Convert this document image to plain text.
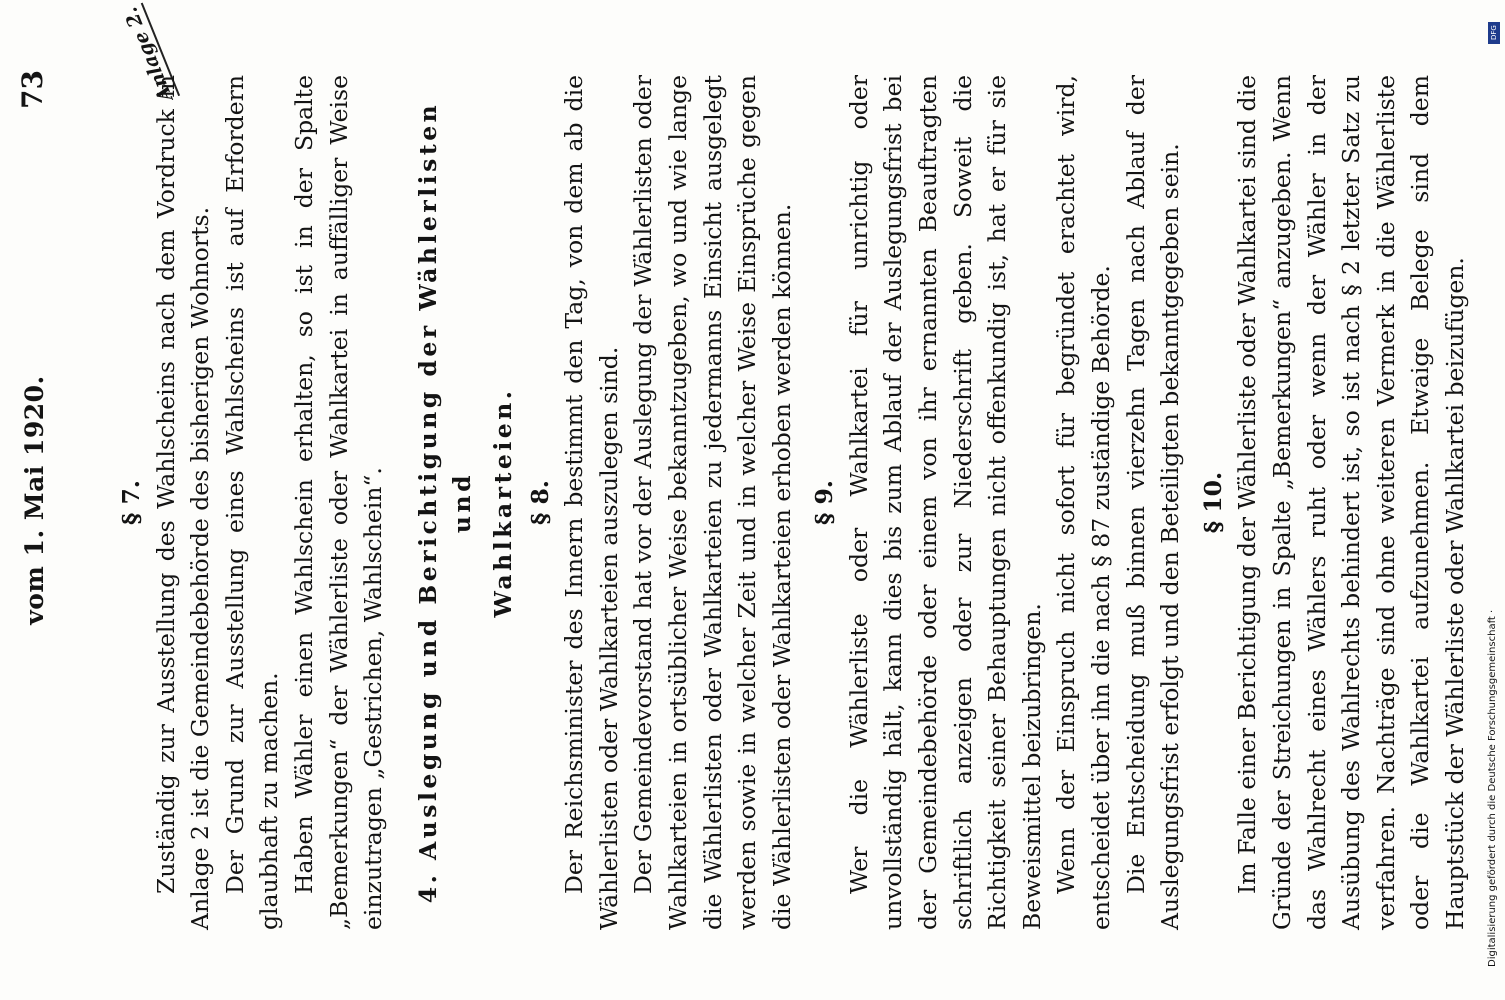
vom 1. Mai 1920.
73	Anlage 2.
§ 7. Zuständig zur Ausstellung des Wahlscheins nach dem Vordruck in Anlage 2 ist die Gemeindebehörde des bisherigen Wohnorts. Der Grund zur Ausstellung eines Wahlscheins ist auf Erfordern glaubhaft zu machen. Haben Wähler einen Wahlschein erhalten, so ist in der Spalte „Bemerkungen“ der Wählerliste oder Wahlkartei in auffälliger Weise einzutragen „Gestrichen, Wahlschein“. 4. Auslegung und Berichtigung der Wählerlisten und Wahlkarteien. § 8. Der Reichsminister des Innern bestimmt den Tag, von dem ab die Wählerlisten oder Wahlkarteien auszulegen sind. Der Gemeindevorstand hat vor der Auslegung der Wählerlisten oder Wahlkarteien in ortsüblicher Weise bekanntzugeben, wo und wie lange die Wählerlisten oder Wahlkarteien zu jedermanns Einsicht ausgelegt werden sowie in welcher Zeit und in welcher Weise Einsprüche gegen die Wählerlisten oder Wahlkarteien erhoben werden können. § 9. Wer die Wählerliste oder Wahlkartei für unrichtig oder unvollständig hält, kann dies bis zum Ablauf der Auslegungsfrist bei der Gemeindebehörde oder einem von ihr ernannten Beauftragten schriftlich anzeigen oder zur Niederschrift geben. Soweit die Richtigkeit seiner Behauptungen nicht offenkundig ist, hat er für sie Beweismittel beizubringen. Wenn der Einspruch nicht sofort für begründet erachtet wird, entscheidet über ihn die nach § 87 zuständige Behörde. Die Entscheidung muß binnen vierzehn Tagen nach Ablauf der Auslegungsfrist erfolgt und den Beteiligten bekanntgegeben sein. § 10. Im Falle einer Berichtigung der Wählerliste oder Wahlkartei sind die Gründe der Streichungen in Spalte „Bemerkungen“ anzugeben. Wenn das Wahlrecht eines Wählers ruht oder wenn der Wähler in der Ausübung des Wahlrechts behindert ist, so ist nach § 2 letzter Satz zu verfahren. Nachträge sind ohne weiteren Vermerk in die Wählerliste oder die Wahlkartei aufzunehmen. Etwaige Belege sind dem Hauptstück der Wählerliste oder Wahlkartei beizufügen.

DFG
Digitalisierung gefördert durch die Deutsche Forschungsgemeinschaft ·
